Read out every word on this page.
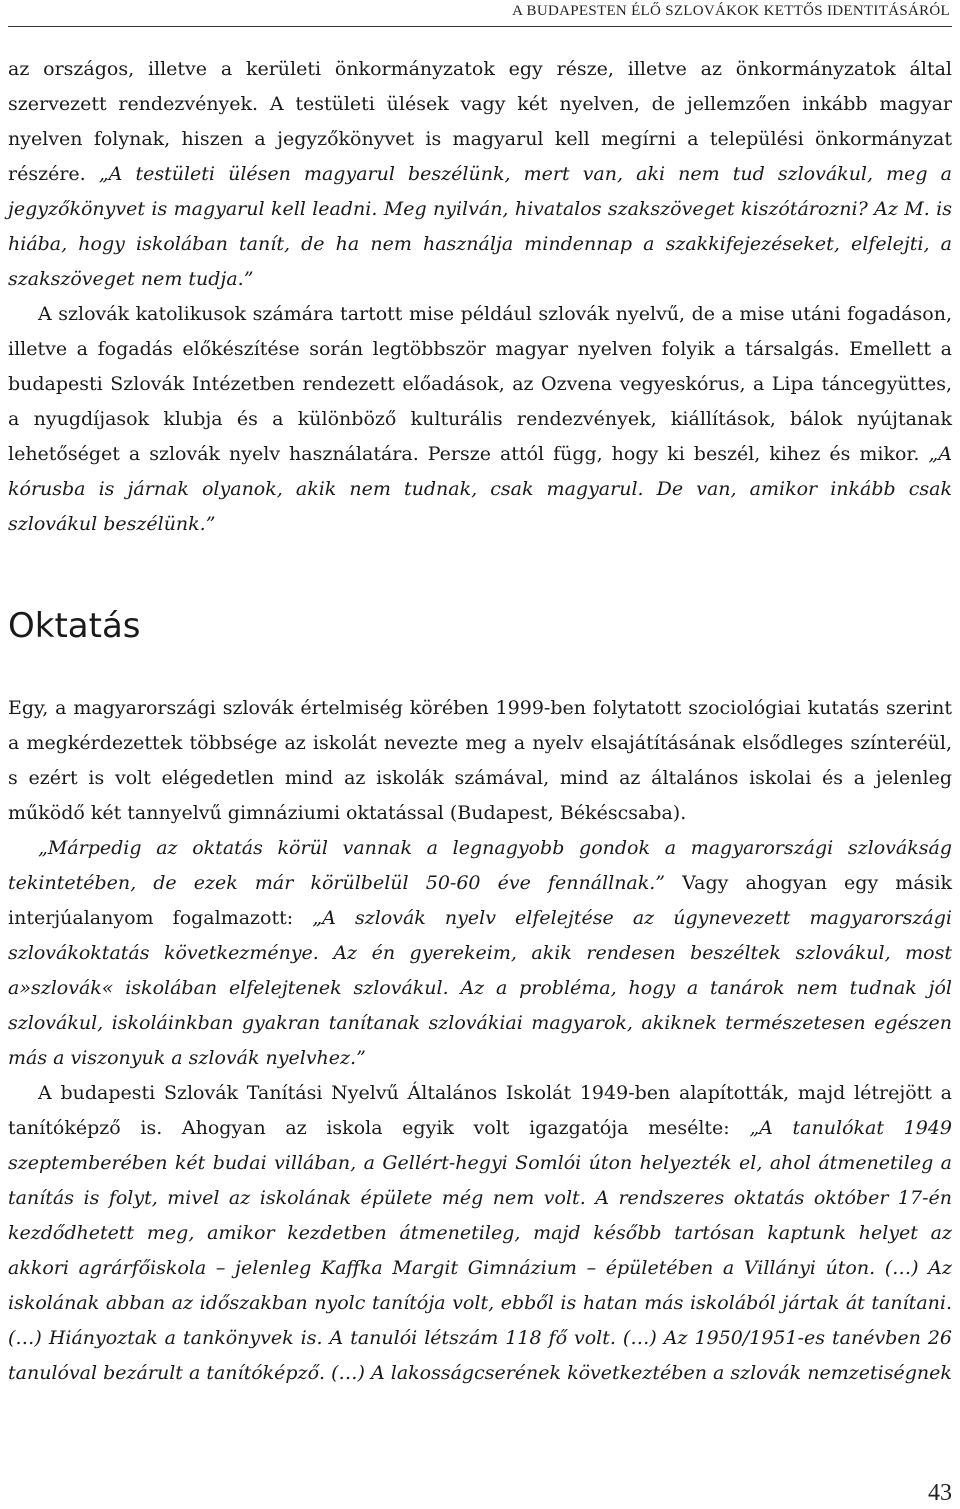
A BUDAPESTEN ÉLŐ SZLOVÁKOK KETTŐS IDENTITÁSÁRÓL

az országos, illetve a kerületi önkormányzatok egy része, illetve az önkormányzatok által szervezett rendezvények. A testületi ülések vagy két nyelven, de jellemzően inkább magyar nyelven folynak, hiszen a jegyzőkönyvet is magyarul kell megírni a települési önkormányzat részére. „A testületi ülésen magyarul beszélünk, mert van, aki nem tud szlovákul, meg a jegyzőkönyvet is magyarul kell leadni. Meg nyilván, hivatalos szakszöveget kiszótározni? Az M. is hiába, hogy iskolában tanít, de ha nem használja mindennap a szakkifejezéseket, elfelejti, a szakszöveget nem tudja.”

A szlovák katolikusok számára tartott mise például szlovák nyelvű, de a mise utáni fogadáson, illetve a fogadás előkészítése során legtöbbször magyar nyelven folyik a társalgás. Emellett a budapesti Szlovák Intézetben rendezett előadások, az Ozvena vegyeskórus, a Lipa táncegyüttes, a nyugdíjasok klubja és a különböző kulturális rendezvények, kiállítások, bálok nyújtanak lehetőséget a szlovák nyelv használatára. Persze attól függ, hogy ki beszél, kihez és mikor. „A kórusba is járnak olyanok, akik nem tudnak, csak magyarul. De van, amikor inkább csak szlovákul beszélünk.”

Oktatás

Egy, a magyarországi szlovák értelmiség körében 1999-ben folytatott szociológiai kutatás szerint a megkérdezettek többsége az iskolát nevezte meg a nyelv elsajátításának elsődleges színteréül, s ezért is volt elégedetlen mind az iskolák számával, mind az általános iskolai és a jelenleg működő két tannyelvű gimnáziumi oktatással (Budapest, Békéscsaba).

„Márpedig az oktatás körül vannak a legnagyobb gondok a magyarországi szlovákság tekintetében, de ezek már körülbelül 50-60 éve fennállnak.” Vagy ahogyan egy másik interjúalanyom fogalmazott: „A szlovák nyelv elfelejtése az úgynevezett magyarországi szlovákoktatás következménye. Az én gyerekeim, akik rendesen beszéltek szlovákul, most a»szlovák« iskolában elfelejtenek szlovákul. Az a probléma, hogy a tanárok nem tudnak jól szlovákul, iskoláinkban gyakran tanítanak szlovákiai magyarok, akiknek természetesen egészen más a viszonyuk a szlovák nyelvhez.”

A budapesti Szlovák Tanítási Nyelvű Általános Iskolát 1949-ben alapították, majd létrejött a tanítóképző is. Ahogyan az iskola egyik volt igazgatója mesélte: „A tanulókat 1949 szeptemberében két budai villában, a Gellért-hegyi Somlói úton helyezték el, ahol átmenetileg a tanítás is folyt, mivel az iskolának épülete még nem volt. A rendszeres oktatás október 17-én kezdődhetett meg, amikor kezdetben átmenetileg, majd később tartósan kaptunk helyet az akkori agrárfőiskola – jelenleg Kaffka Margit Gimnázium – épületében a Villányi úton. (…) Az iskolának abban az időszakban nyolc tanítója volt, ebből is hatan más iskolából jártak át tanítani. (…) Hiányoztak a tankönyvek is. A tanulói létszám 118 fő volt. (…) Az 1950/1951-es tanévben 26 tanulóval bezárult a tanítóképző. (…) A lakosságcserének következtében a szlovák nemzetiségnek

43
